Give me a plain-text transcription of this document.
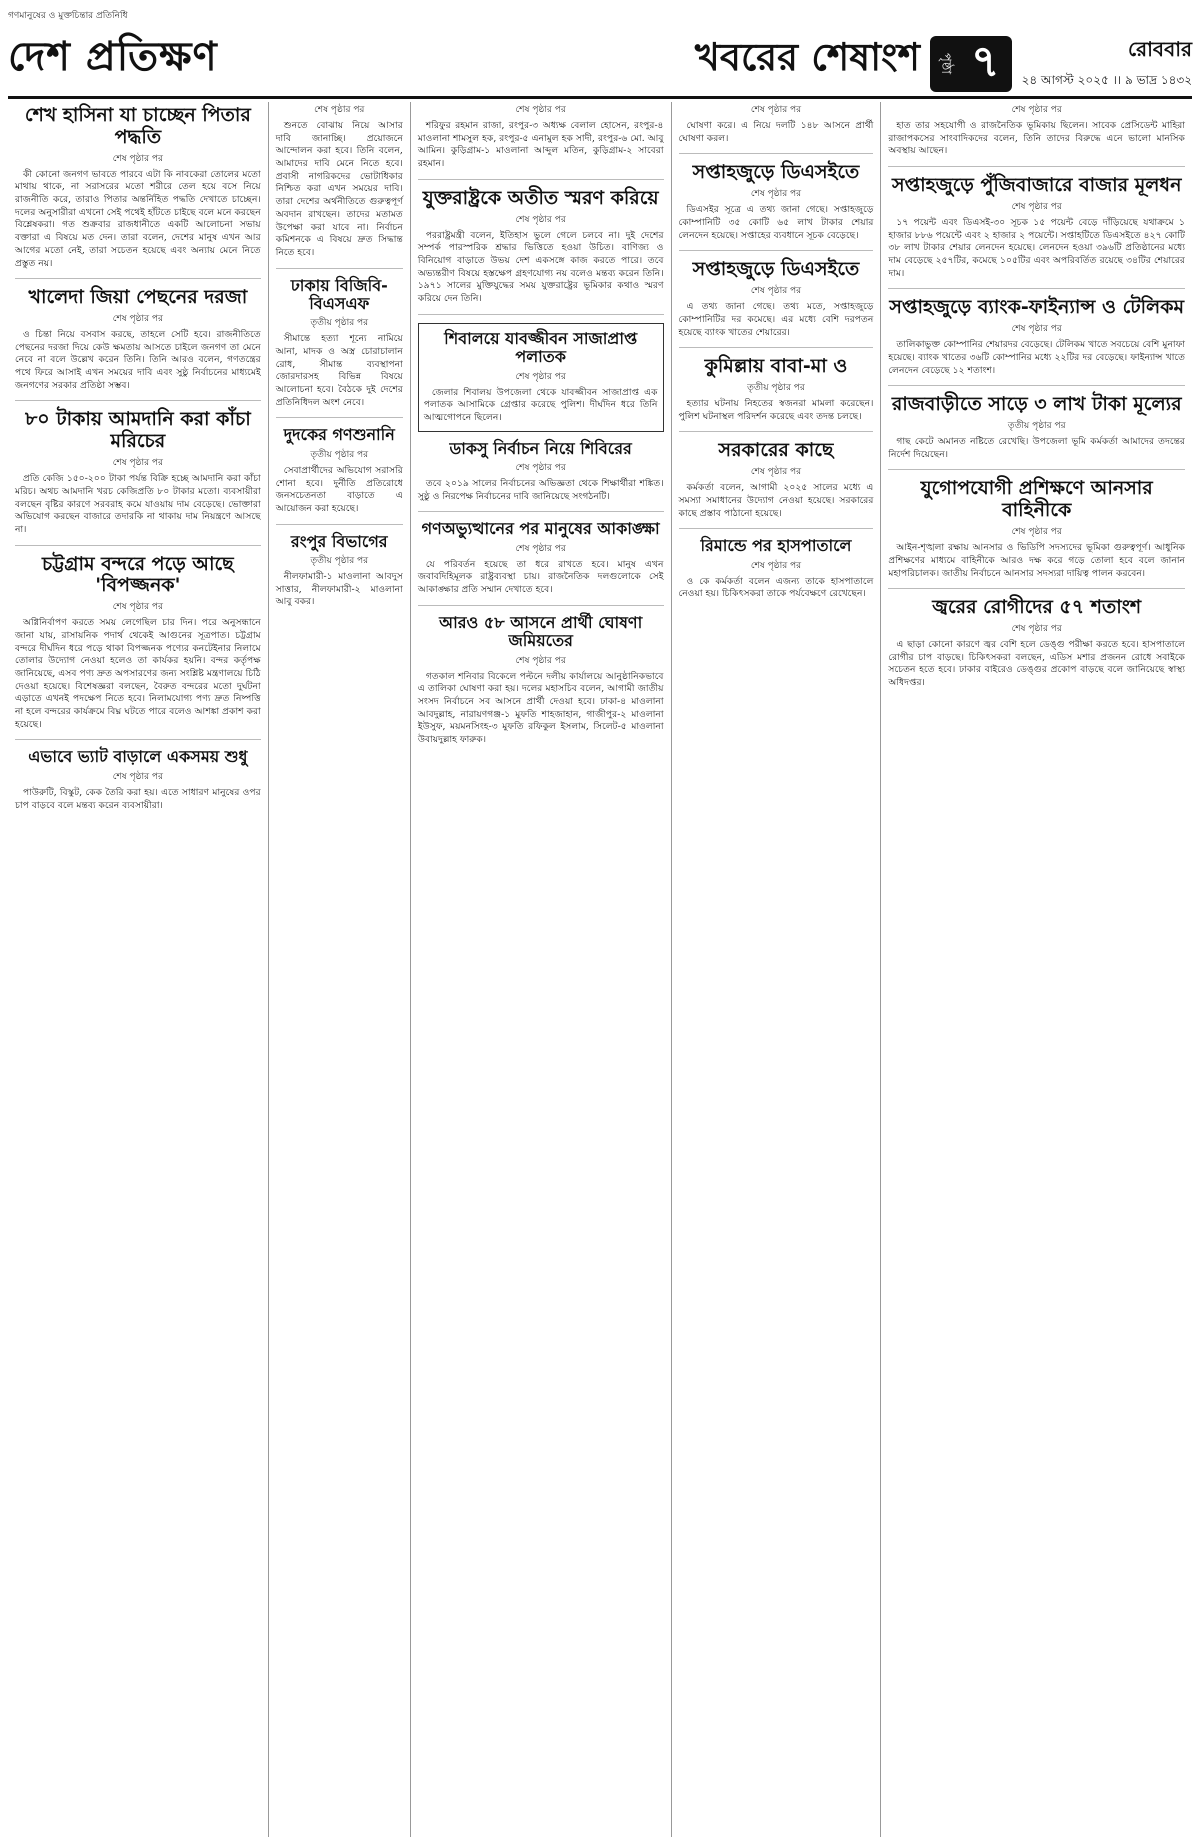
গণমানুষের ও মুক্তচিন্তার প্রতিনিধি
দেশ প্রতিক্ষণ	খবরের শেষাংশ	পৃষ্ঠা ৭	রোববার
২৪ আগস্ট ২০২৫ ।। ৯ ভাদ্র ১৪৩২
শেখ হাসিনা যা চাচ্ছেন পিতার পদ্ধতি
শেষ পৃষ্ঠার পর

কী কোনো জনগণ ভাবতে পারবে এটা কি নাবকেরা তোলের মতো মাথায় থাকে, না সরাসরের মতো শরীরে তেল হয়ে বসে নিয়ে রাজনীতি করে, তারাও পিতার অন্তর্নিহিত পদ্ধতি দেখাতে চাচ্ছেন। দলের অনুসারীরা এখনো সেই পথেই হাঁটতে চাইছে বলে মনে করছেন বিশ্লেষকরা। গত শুক্রবার রাজধানীতে একটি আলোচনা সভায় বক্তারা এ বিষয়ে মত দেন। তারা বলেন, দেশের মানুষ এখন আর আগের মতো নেই, তারা সচেতন হয়েছে এবং অন্যায় মেনে নিতে প্রস্তুত নয়।

খালেদা জিয়া পেছনের দরজা
শেষ পৃষ্ঠার পর

ও চিন্তা নিয়ে বসবাস করছে, তাহলে সেটি হবে। রাজনীতিতে পেছনের দরজা দিয়ে কেউ ক্ষমতায় আসতে চাইলে জনগণ তা মেনে নেবে না বলে উল্লেখ করেন তিনি। তিনি আরও বলেন, গণতন্ত্রের পথে ফিরে আসাই এখন সময়ের দাবি এবং সুষ্ঠু নির্বাচনের মাধ্যমেই জনগণের সরকার প্রতিষ্ঠা সম্ভব।

৮০ টাকায় আমদানি করা কাঁচা মরিচের
শেষ পৃষ্ঠার পর

প্রতি কেজি ১৫০-২০০ টাকা পর্যন্ত বিক্রি হচ্ছে আমদানি করা কাঁচা মরিচ। অথচ আমদানি খরচ কেজিপ্রতি ৮০ টাকার মতো। ব্যবসায়ীরা বলছেন বৃষ্টির কারণে সরবরাহ কমে যাওয়ায় দাম বেড়েছে। ভোক্তারা অভিযোগ করছেন বাজারে তদারকি না থাকায় দাম নিয়ন্ত্রণে আসছে না।

চট্টগ্রাম বন্দরে পড়ে আছে 'বিপজ্জনক'
শেষ পৃষ্ঠার পর

অগ্নিনির্বাপণ করতে সময় লেগেছিল চার দিন। পরে অনুসন্ধানে জানা যায়, রাসায়নিক পদার্থ থেকেই আগুনের সূত্রপাত। চট্টগ্রাম বন্দরে দীর্ঘদিন ধরে পড়ে থাকা বিপজ্জনক পণ্যের কনটেইনার নিলামে তোলার উদ্যোগ নেওয়া হলেও তা কার্যকর হয়নি। বন্দর কর্তৃপক্ষ জানিয়েছে, এসব পণ্য দ্রুত অপসারণের জন্য সংশ্লিষ্ট মন্ত্রণালয়ে চিঠি দেওয়া হয়েছে। বিশেষজ্ঞরা বলছেন, বৈরুত বন্দরের মতো দুর্ঘটনা এড়াতে এখনই পদক্ষেপ নিতে হবে। নিলামযোগ্য পণ্য দ্রুত নিষ্পত্তি না হলে বন্দরের কার্যক্রমে বিঘ্ন ঘটতে পারে বলেও আশঙ্কা প্রকাশ করা হয়েছে।

এভাবে ভ্যাট বাড়ালে একসময় শুধু
শেষ পৃষ্ঠার পর

পাউরুটি, বিস্কুট, কেক তৈরি করা হয়। এতে সাধারণ মানুষের ওপর চাপ বাড়বে বলে মন্তব্য করেন ব্যবসায়ীরা।

শেষ পৃষ্ঠার পর

শুনতে বোঝায় নিয়ে আসার দাবি জানাচ্ছি। প্রয়োজনে আন্দোলন করা হবে। তিনি বলেন, আমাদের দাবি মেনে নিতে হবে। প্রবাসী নাগরিকদের ভোটাধিকার নিশ্চিত করা এখন সময়ের দাবি। তারা দেশের অর্থনীতিতে গুরুত্বপূর্ণ অবদান রাখছেন। তাদের মতামত উপেক্ষা করা যাবে না। নির্বাচন কমিশনকে এ বিষয়ে দ্রুত সিদ্ধান্ত নিতে হবে।

ঢাকায় বিজিবি-বিএসএফ
তৃতীয় পৃষ্ঠার পর

সীমান্তে হত্যা শূন্যে নামিয়ে আনা, মাদক ও অস্ত্র চোরাচালান রোধ, সীমান্ত ব্যবস্থাপনা জোরদারসহ বিভিন্ন বিষয়ে আলোচনা হবে। বৈঠকে দুই দেশের প্রতিনিধিদল অংশ নেবে।

দুদকের গণশুনানি
তৃতীয় পৃষ্ঠার পর

সেবাপ্রার্থীদের অভিযোগ সরাসরি শোনা হবে। দুর্নীতি প্রতিরোধে জনসচেতনতা বাড়াতে এ আয়োজন করা হয়েছে।

রংপুর বিভাগের
তৃতীয় পৃষ্ঠার পর

নীলফামারী-১ মাওলানা আবদুস সাত্তার, নীলফামারী-২ মাওলানা আবু বকর।

শেষ পৃষ্ঠার পর

শরিফুর রহমান রাজা, রংপুর-৩ অধ্যক্ষ বেলাল হোসেন, রংপুর-৪ মাওলানা শামসুল হক, রংপুর-৫ এনামুল হক সাদী, রংপুর-৬ মো. আবু আমিন। কুড়িগ্রাম-১ মাওলানা আব্দুল মতিন, কুড়িগ্রাম-২ সাবেরা রহমান।

যুক্তরাষ্ট্রকে অতীত স্মরণ করিয়ে
শেষ পৃষ্ঠার পর

পররাষ্ট্রমন্ত্রী বলেন, ইতিহাস ভুলে গেলে চলবে না। দুই দেশের সম্পর্ক পারস্পরিক শ্রদ্ধার ভিত্তিতে হওয়া উচিত। বাণিজ্য ও বিনিয়োগ বাড়াতে উভয় দেশ একসঙ্গে কাজ করতে পারে। তবে অভ্যন্তরীণ বিষয়ে হস্তক্ষেপ গ্রহণযোগ্য নয় বলেও মন্তব্য করেন তিনি। ১৯৭১ সালের মুক্তিযুদ্ধের সময় যুক্তরাষ্ট্রের ভূমিকার কথাও স্মরণ করিয়ে দেন তিনি।

শিবালয়ে যাবজ্জীবন সাজাপ্রাপ্ত পলাতক
শেষ পৃষ্ঠার পর

জেলার শিবালয় উপজেলা থেকে যাবজ্জীবন সাজাপ্রাপ্ত এক পলাতক আসামিকে গ্রেপ্তার করেছে পুলিশ। দীর্ঘদিন ধরে তিনি আত্মগোপনে ছিলেন।

ডাকসু নির্বাচন নিয়ে শিবিরের
শেষ পৃষ্ঠার পর

তবে ২০১৯ সালের নির্বাচনের অভিজ্ঞতা থেকে শিক্ষার্থীরা শঙ্কিত। সুষ্ঠু ও নিরপেক্ষ নির্বাচনের দাবি জানিয়েছে সংগঠনটি।

গণঅভ্যুত্থানের পর মানুষের আকাঙ্ক্ষা
শেষ পৃষ্ঠার পর

যে পরিবর্তন হয়েছে তা ধরে রাখতে হবে। মানুষ এখন জবাবদিহিমূলক রাষ্ট্রব্যবস্থা চায়। রাজনৈতিক দলগুলোকে সেই আকাঙ্ক্ষার প্রতি সম্মান দেখাতে হবে।

আরও ৫৮ আসনে প্রার্থী ঘোষণা জমিয়তের
শেষ পৃষ্ঠার পর

গতকাল শনিবার বিকেলে পল্টনে দলীয় কার্যালয়ে আনুষ্ঠানিকভাবে এ তালিকা ঘোষণা করা হয়। দলের মহাসচিব বলেন, আগামী জাতীয় সংসদ নির্বাচনে সব আসনে প্রার্থী দেওয়া হবে। ঢাকা-৪ মাওলানা আবদুল্লাহ, নারায়ণগঞ্জ-১ মুফতি শাহজাহান, গাজীপুর-২ মাওলানা ইউসুফ, ময়মনসিংহ-৩ মুফতি রফিকুল ইসলাম, সিলেট-৫ মাওলানা উবায়দুল্লাহ ফারুক।

শেষ পৃষ্ঠার পর

ঘোষণা করে। এ নিয়ে দলটি ১৪৮ আসনে প্রার্থী ঘোষণা করল।

সপ্তাহজুড়ে ডিএসইতে
শেষ পৃষ্ঠার পর

ডিএসইর সূত্রে এ তথ্য জানা গেছে। সপ্তাহজুড়ে কোম্পানিটি ৩৫ কোটি ৬৫ লাখ টাকার শেয়ার লেনদেন হয়েছে। সপ্তাহের ব্যবধানে সূচক বেড়েছে।

সপ্তাহজুড়ে ডিএসইতে
শেষ পৃষ্ঠার পর

এ তথ্য জানা গেছে। তথ্য মতে, সপ্তাহজুড়ে কোম্পানিটির দর কমেছে। এর মধ্যে বেশি দরপতন হয়েছে ব্যাংক খাতের শেয়ারের।

কুমিল্লায় বাবা-মা ও
তৃতীয় পৃষ্ঠার পর

হত্যার ঘটনায় নিহতের স্বজনরা মামলা করেছেন। পুলিশ ঘটনাস্থল পরিদর্শন করেছে এবং তদন্ত চলছে।

সরকারের কাছে
শেষ পৃষ্ঠার পর

কর্মকর্তা বলেন, আগামী ২০২৫ সালের মধ্যে এ সমস্যা সমাধানের উদ্যোগ নেওয়া হয়েছে। সরকারের কাছে প্রস্তাব পাঠানো হয়েছে।

রিমান্ডে পর হাসপাতালে
শেষ পৃষ্ঠার পর

ও কে কর্মকর্তা বলেন এজন্য তাকে হাসপাতালে নেওয়া হয়। চিকিৎসকরা তাকে পর্যবেক্ষণে রেখেছেন।

শেষ পৃষ্ঠার পর

হাত তার সহযোগী ও রাজনৈতিক ভূমিকায় ছিলেন। সাবেক প্রেসিডেন্ট মাহিরা রাজাপকসের সাংবাদিকদের বলেন, তিনি তাদের বিরুদ্ধে এনে ভালো মানসিক অবস্থায় আছেন।

সপ্তাহজুড়ে পুঁজিবাজারে বাজার মূলধন
শেষ পৃষ্ঠার পর

১৭ পয়েন্ট এবং ডিএসই-৩০ সূচক ১৫ পয়েন্ট বেড়ে দাঁড়িয়েছে যথাক্রমে ১ হাজার ৮৮৬ পয়েন্টে এবং ২ হাজার ২ পয়েন্টে। সপ্তাহটিতে ডিএসইতে ৪২৭ কোটি ৩৮ লাখ টাকার শেয়ার লেনদেন হয়েছে। লেনদেন হওয়া ৩৯৬টি প্রতিষ্ঠানের মধ্যে দাম বেড়েছে ২৫৭টির, কমেছে ১০৫টির এবং অপরিবর্তিত রয়েছে ৩৪টির শেয়ারের দাম।

সপ্তাহজুড়ে ব্যাংক-ফাইন্যান্স ও টেলিকম
শেষ পৃষ্ঠার পর

তালিকাভুক্ত কোম্পানির শেয়ারদর বেড়েছে। টেলিকম খাতে সবচেয়ে বেশি মুনাফা হয়েছে। ব্যাংক খাতের ৩৬টি কোম্পানির মধ্যে ২২টির দর বেড়েছে। ফাইন্যান্স খাতে লেনদেন বেড়েছে ১২ শতাংশ।

রাজবাড়ীতে সাড়ে ৩ লাখ টাকা মূল্যের
তৃতীয় পৃষ্ঠার পর

গাছ কেটে অমানত নষ্টিতে রেখেছি। উপজেলা ভূমি কর্মকর্তা আমাদের তদন্তের নির্দেশ দিয়েছেন।

যুগোপযোগী প্রশিক্ষণে আনসার বাহিনীকে
শেষ পৃষ্ঠার পর

আইন-শৃঙ্খলা রক্ষায় আনসার ও ভিডিপি সদস্যদের ভূমিকা গুরুত্বপূর্ণ। আধুনিক প্রশিক্ষণের মাধ্যমে বাহিনীকে আরও দক্ষ করে গড়ে তোলা হবে বলে জানান মহাপরিচালক। জাতীয় নির্বাচনে আনসার সদস্যরা দায়িত্ব পালন করবেন।

জ্বরের রোগীদের ৫৭ শতাংশ
শেষ পৃষ্ঠার পর

এ ছাড়া কোনো কারণে জ্বর বেশি হলে ডেঙ্গু পরীক্ষা করতে হবে। হাসপাতালে রোগীর চাপ বাড়ছে। চিকিৎসকরা বলছেন, এডিস মশার প্রজনন রোধে সবাইকে সচেতন হতে হবে। ঢাকার বাইরেও ডেঙ্গুর প্রকোপ বাড়ছে বলে জানিয়েছে স্বাস্থ্য অধিদপ্তর।
